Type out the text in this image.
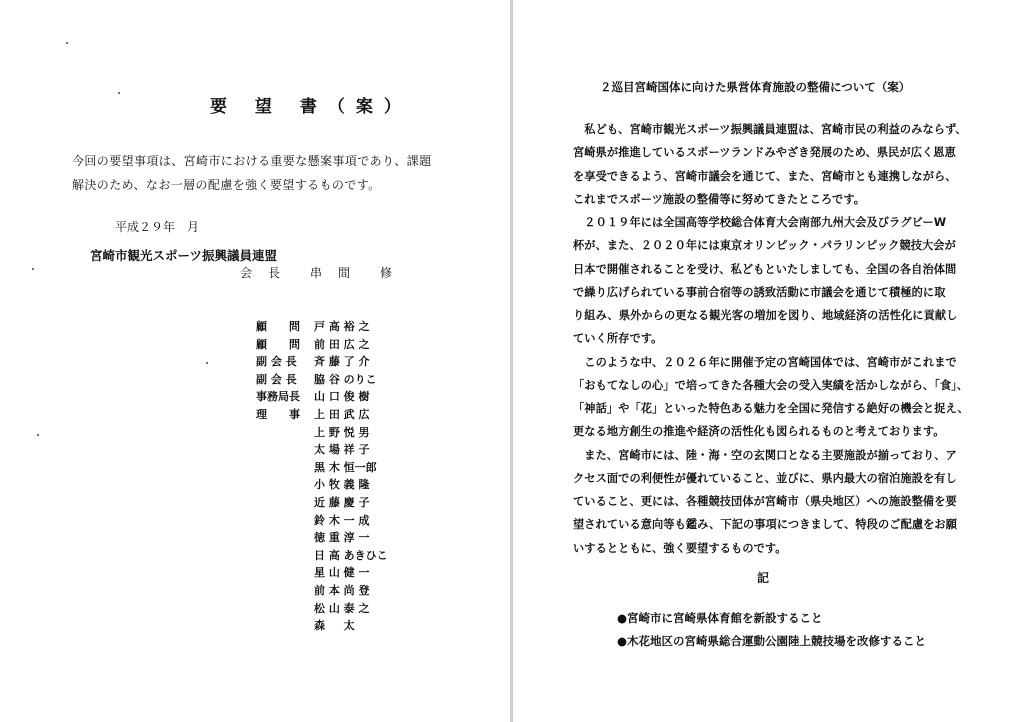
要 望 書（案）
今回の要望事項は、宮崎市における重要な懸案事項であり、課題
解決のため、なお一層の配慮を強く要望するものです。
平成２９年　月
宮崎市観光スポーツ振興議員連盟
会　長　　串　間　　修
顧　　問	戸 高 裕 之
顧　　問	前 田 広 之
副 会 長	斉 藤 了 介
副 会 長	脇 谷 のりこ
事務局長	山 口 俊 樹
理　　事	上 田 武 広
上 野 悦 男
太 場 祥 子
黒 木 恒一郎
小 牧 義 隆
近 藤 慶 子
鈴 木 一 成
徳 重 淳 一
日 高 あきひこ
星 山 健 一
前 本 尚 登
松 山 泰 之
森 　 太
２巡目宮崎国体に向けた県営体育施設の整備について（案）
　私ども、宮崎市観光スポーツ振興議員連盟は、宮崎市民の利益のみならず、
宮崎県が推進しているスポーツランドみやざき発展のため、県民が広く恩恵
を享受できるよう、宮崎市議会を通じて、また、宮崎市とも連携しながら、
これまでスポーツ施設の整備等に努めてきたところです。
　２０１９年には全国高等学校総合体育大会南部九州大会及びラグビーW
杯が、また、２０２０年には東京オリンピック・パラリンピック競技大会が
日本で開催されることを受け、私どもといたしましても、全国の各自治体間
で繰り広げられている事前合宿等の誘致活動に市議会を通じて積極的に取
り組み、県外からの更なる観光客の増加を図り、地域経済の活性化に貢献し
ていく所存です。
　このような中、２０２６年に開催予定の宮崎国体では、宮崎市がこれまで
「おもてなしの心」で培ってきた各種大会の受入実績を活かしながら、「食」、
「神話」や「花」といった特色ある魅力を全国に発信する絶好の機会と捉え、
更なる地方創生の推進や経済の活性化も図られるものと考えております。
　また、宮崎市には、陸・海・空の玄関口となる主要施設が揃っており、ア
クセス面での利便性が優れていること、並びに、県内最大の宿泊施設を有し
ていること、更には、各種競技団体が宮崎市（県央地区）への施設整備を要
望されている意向等も鑑み、下記の事項につきまして、特段のご配慮をお願
いするとともに、強く要望するものです。
記
●宮崎市に宮崎県体育館を新設すること
●木花地区の宮崎県総合運動公園陸上競技場を改修すること
